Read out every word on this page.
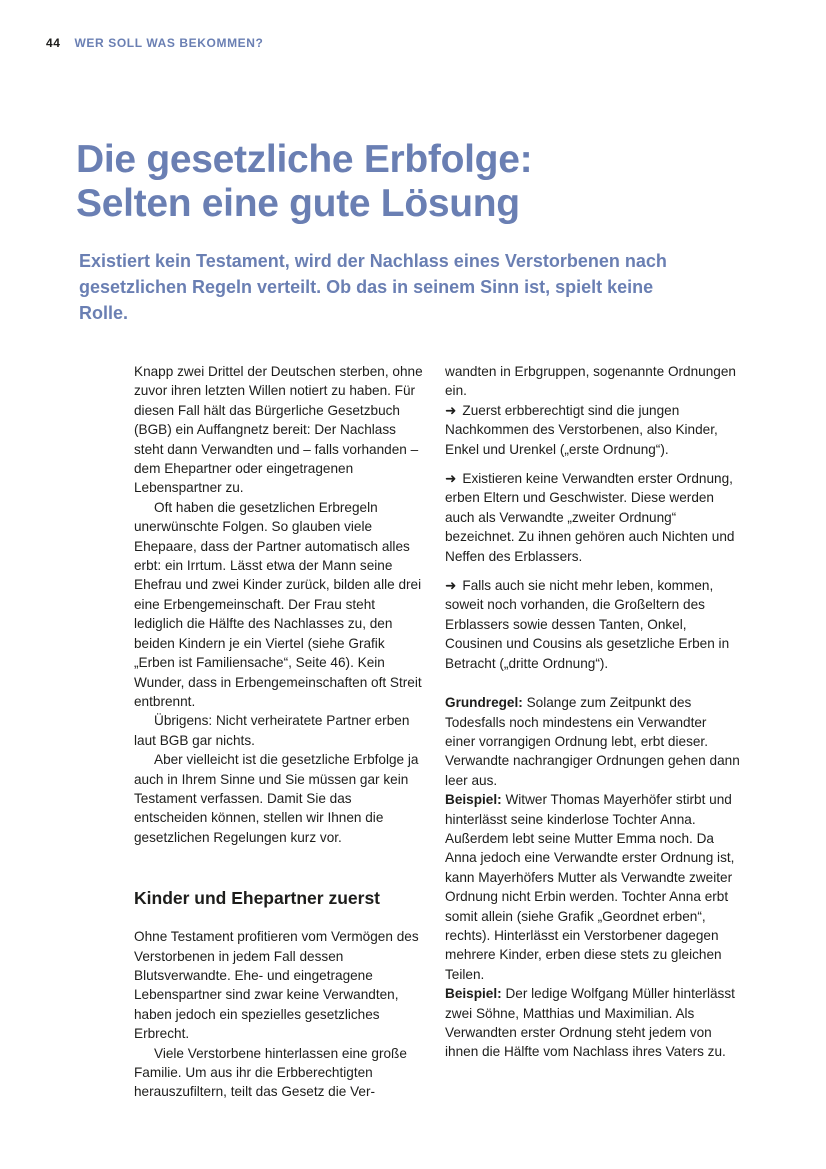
44 WER SOLL WAS BEKOMMEN?
Die gesetzliche Erbfolge:
Selten eine gute Lösung

Existiert kein Testament, wird der Nachlass eines Verstorbenen nach gesetzlichen Regeln verteilt. Ob das in seinem Sinn ist, spielt keine Rolle.

Knapp zwei Drittel der Deutschen sterben, ohne zuvor ihren letzten Willen notiert zu haben. Für diesen Fall hält das Bürgerliche Gesetzbuch (BGB) ein Auffangnetz bereit: Der Nachlass steht dann Verwandten und – falls vorhanden – dem Ehepartner oder eingetragenen Lebenspartner zu.

Oft haben die gesetzlichen Erbregeln unerwünschte Folgen. So glauben viele Ehepaare, dass der Partner automatisch alles erbt: ein Irrtum. Lässt etwa der Mann seine Ehefrau und zwei Kinder zurück, bilden alle drei eine Erbengemeinschaft. Der Frau steht lediglich die Hälfte des Nachlasses zu, den beiden Kindern je ein Viertel (siehe Grafik „Erben ist Familiensache“, Seite 46). Kein Wunder, dass in Erbengemeinschaften oft Streit entbrennt.

Übrigens: Nicht verheiratete Partner erben laut BGB gar nichts.

Aber vielleicht ist die gesetzliche Erbfolge ja auch in Ihrem Sinne und Sie müssen gar kein Testament verfassen. Damit Sie das entscheiden können, stellen wir Ihnen die gesetzlichen Regelungen kurz vor.

Kinder und Ehepartner zuerst

Ohne Testament profitieren vom Vermögen des Verstorbenen in jedem Fall dessen Blutsverwandte. Ehe- und eingetragene Lebenspartner sind zwar keine Verwandten, haben jedoch ein spezielles gesetzliches Erbrecht.

Viele Verstorbene hinterlassen eine große Familie. Um aus ihr die Erbberechtigten herauszufiltern, teilt das Gesetz die Ver-

wandten in Erbgruppen, sogenannte Ordnungen ein.

➜ Zuerst erbberechtigt sind die jungen Nachkommen des Verstorbenen, also Kinder, Enkel und Urenkel („erste Ordnung“).

➜ Existieren keine Verwandten erster Ordnung, erben Eltern und Geschwister. Diese werden auch als Verwandte „zweiter Ordnung“ bezeichnet. Zu ihnen gehören auch Nichten und Neffen des Erblassers.

➜ Falls auch sie nicht mehr leben, kommen, soweit noch vorhanden, die Großeltern des Erblassers sowie dessen Tanten, Onkel, Cousinen und Cousins als gesetzliche Erben in Betracht („dritte Ordnung“).

Grundregel: Solange zum Zeitpunkt des Todesfalls noch mindestens ein Verwandter einer vorrangigen Ordnung lebt, erbt dieser. Verwandte nachrangiger Ordnungen gehen dann leer aus.

Beispiel: Witwer Thomas Mayerhöfer stirbt und hinterlässt seine kinderlose Tochter Anna. Außerdem lebt seine Mutter Emma noch. Da Anna jedoch eine Verwandte erster Ordnung ist, kann Mayerhöfers Mutter als Verwandte zweiter Ordnung nicht Erbin werden. Tochter Anna erbt somit allein (siehe Grafik „Geordnet erben“, rechts). Hinterlässt ein Verstorbener dagegen mehrere Kinder, erben diese stets zu gleichen Teilen.

Beispiel: Der ledige Wolfgang Müller hinterlässt zwei Söhne, Matthias und Maximilian. Als Verwandten erster Ordnung steht jedem von ihnen die Hälfte vom Nachlass ihres Vaters zu.
